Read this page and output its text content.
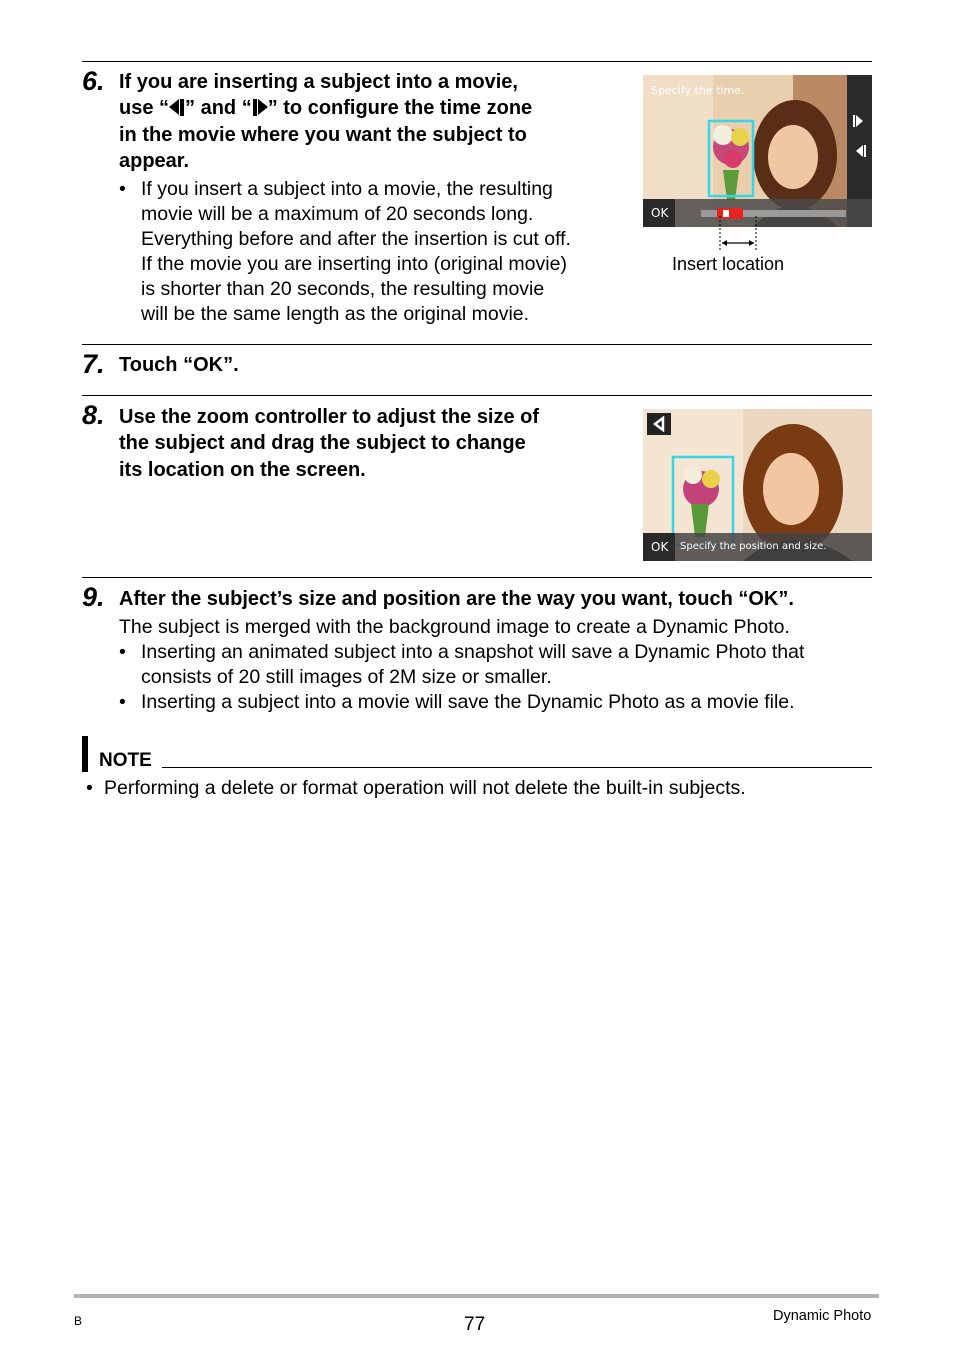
6. If you are inserting a subject into a movie,
use “ ” and “ ” to configure the time zone
in the movie where you want the subject to
appear.
• If you insert a subject into a movie, the resulting
movie will be a maximum of 20 seconds long.
Everything before and after the insertion is cut off.
If the movie you are inserting into (original movie)
is shorter than 20 seconds, the resulting movie
will be the same length as the original movie.
Specify the time.
OK
Insert location
7. Touch “OK”.
8. Use the zoom controller to adjust the size of
the subject and drag the subject to change
its location on the screen.
OK Specify the position and size.
9. After the subject’s size and position are the way you want, touch “OK”.
The subject is merged with the background image to create a Dynamic Photo.
• Inserting an animated subject into a snapshot will save a Dynamic Photo that
consists of 20 still images of 2M size or smaller.
• Inserting a subject into a movie will save the Dynamic Photo as a movie file.
NOTE
• Performing a delete or format operation will not delete the built-in subjects.
B	77	Dynamic Photo
